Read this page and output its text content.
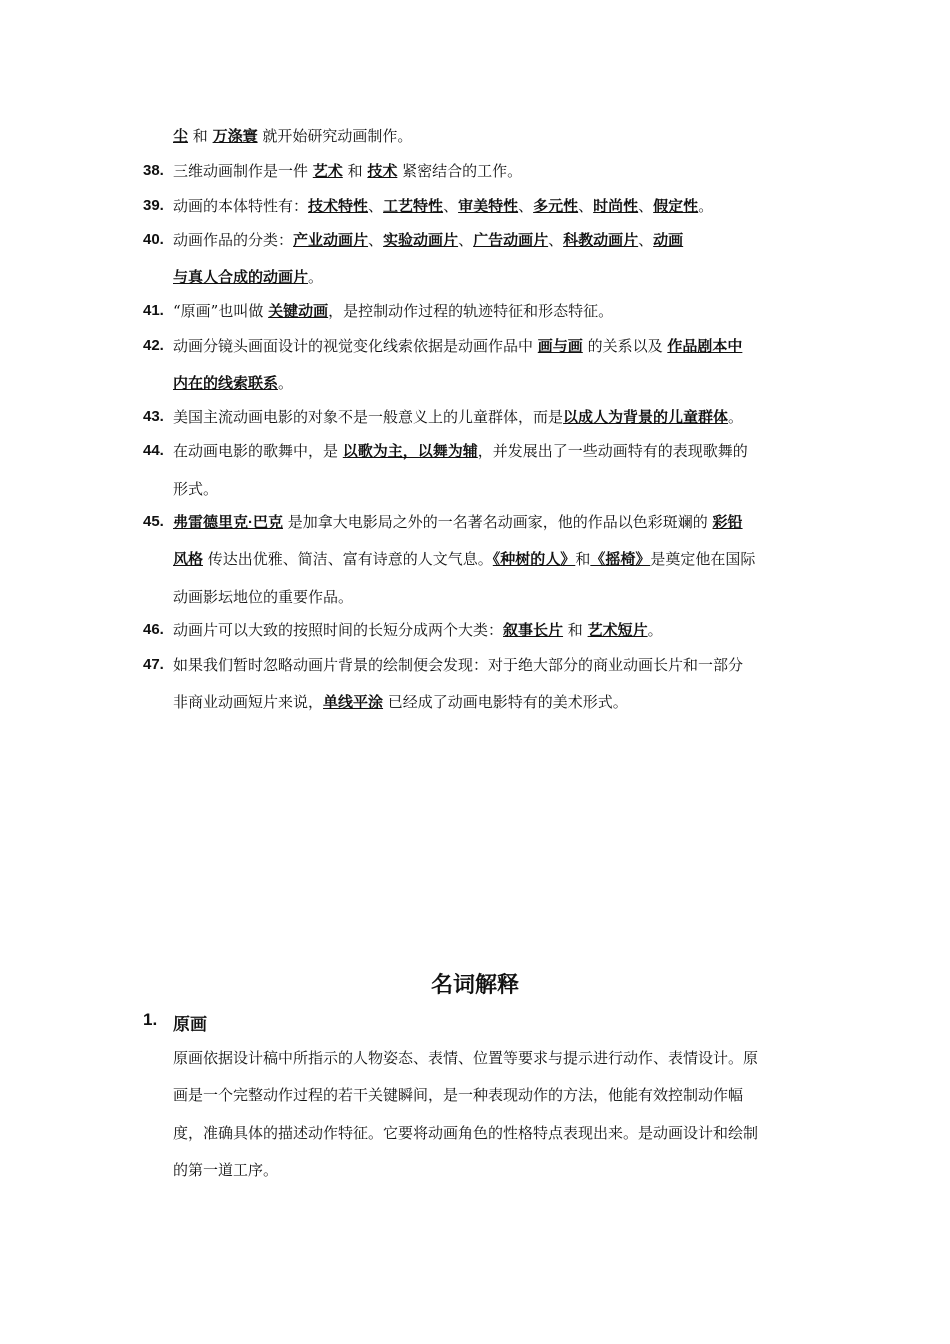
尘 和 万涤寰 就开始研究动画制作。
38. 三维动画制作是一件 艺术 和 技术 紧密结合的工作。
39. 动画的本体特性有：技术特性、工艺特性、审美特性、多元性、时尚性、假定性。
40. 动画作品的分类：产业动画片、实验动画片、广告动画片、科教动画片、动画
与真人合成的动画片。
41. “原画”也叫做 关键动画，是控制动作过程的轨迹特征和形态特征。
42. 动画分镜头画面设计的视觉变化线索依据是动画作品中 画与画 的关系以及 作品剧本中
内在的线索联系。
43. 美国主流动画电影的对象不是一般意义上的儿童群体，而是以成人为背景的儿童群体。
44. 在动画电影的歌舞中，是 以歌为主，以舞为辅，并发展出了一些动画特有的表现歌舞的
形式。
45. 弗雷德里克·巴克 是加拿大电影局之外的一名著名动画家，他的作品以色彩斑斓的 彩铅
风格 传达出优雅、简洁、富有诗意的人文气息。《种树的人》和《摇椅》是奠定他在国际
动画影坛地位的重要作品。
46. 动画片可以大致的按照时间的长短分成两个大类：叙事长片 和 艺术短片。
47. 如果我们暂时忽略动画片背景的绘制便会发现：对于绝大部分的商业动画长片和一部分
非商业动画短片来说，单线平涂 已经成了动画电影特有的美术形式。
名词解释
1. 原画
原画依据设计稿中所指示的人物姿态、表情、位置等要求与提示进行动作、表情设计。原
画是一个完整动作过程的若干关键瞬间，是一种表现动作的方法，他能有效控制动作幅
度，准确具体的描述动作特征。它要将动画角色的性格特点表现出来。是动画设计和绘制
的第一道工序。
